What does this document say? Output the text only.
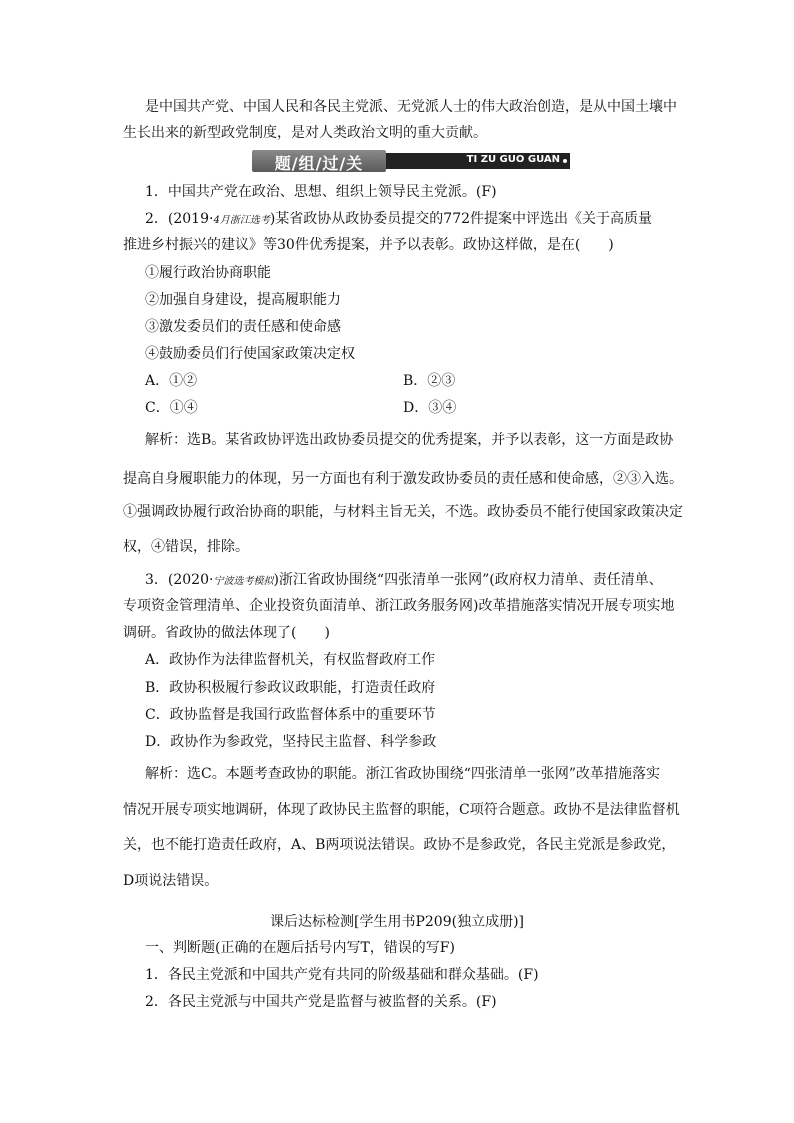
是中国共产党、中国人民和各民主党派、无党派人士的伟大政治创造，是从中国土壤中
生长出来的新型政党制度，是对人类政治文明的重大贡献。
题/组/过/关	TI ZU GUO GUAN
1．中国共产党在政治、思想、组织上领导民主党派。(F)
2．(2019·4月浙江选考)某省政协从政协委员提交的772件提案中评选出《关于高质量
推进乡村振兴的建议》等30件优秀提案，并予以表彰。政协这样做，是在(　　)
①履行政治协商职能
②加强自身建设，提高履职能力
③激发委员们的责任感和使命感
④鼓励委员们行使国家政策决定权
A．①②	B．②③
C．①④	D．③④
解析：选B。某省政协评选出政协委员提交的优秀提案，并予以表彰，这一方面是政协
提高自身履职能力的体现，另一方面也有利于激发政协委员的责任感和使命感，②③入选。
①强调政协履行政治协商的职能，与材料主旨无关，不选。政协委员不能行使国家政策决定
权，④错误，排除。
3．(2020·宁波选考模拟)浙江省政协围绕“四张清单一张网”(政府权力清单、责任清单、
专项资金管理清单、企业投资负面清单、浙江政务服务网)改革措施落实情况开展专项实地
调研。省政协的做法体现了(　　)
A．政协作为法律监督机关，有权监督政府工作
B．政协积极履行参政议政职能，打造责任政府
C．政协监督是我国行政监督体系中的重要环节
D．政协作为参政党，坚持民主监督、科学参政
解析：选C。本题考查政协的职能。浙江省政协围绕“四张清单一张网”改革措施落实
情况开展专项实地调研，体现了政协民主监督的职能，C项符合题意。政协不是法律监督机
关，也不能打造责任政府，A、B两项说法错误。政协不是参政党，各民主党派是参政党，
D项说法错误。
课后达标检测[学生用书P209(独立成册)]
一、判断题(正确的在题后括号内写T，错误的写F)
1．各民主党派和中国共产党有共同的阶级基础和群众基础。(F)
2．各民主党派与中国共产党是监督与被监督的关系。(F)
